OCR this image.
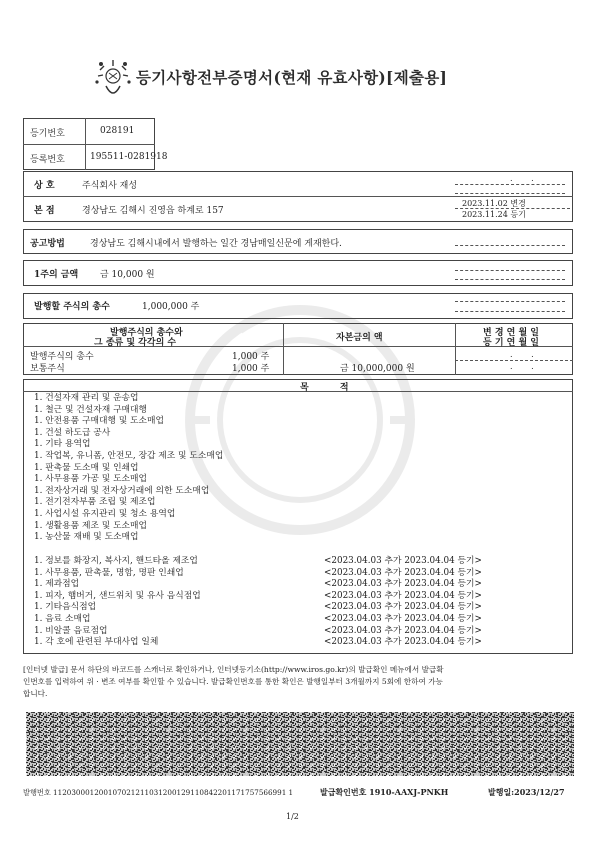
등기사항전부증명서(현재 유효사항)[제출용]
등기번호	028191
등록번호	195511-0281918
상 호	주식회사 재성
. .
본 점	경상남도 김해시 진영읍 하계로 157
2023.11.02 변경
2023.11.24 등기
공고방법	경상남도 김해시내에서 발행하는 일간 경남매일신문에 게재한다.
1주의 금액 금 10,000 원
발행할 주식의 총수	1,000,000 주
발행주식의 총수와
그 종류 및 각각의 수	자본금의 액	변 경 연 월 일
등 기 연 월 일
발행주식의 총수	1,000 주
보통주식	1,000 주	금 10,000,000 원
. .
. .
목 적
1. 건설자재 관리 및 운송업
1. 철근 및 건설자재 구매대행
1. 안전용품 구매대행 및 도소매업
1. 건설 하도급 공사
1. 기타 용역업
1. 작업복, 유니폼, 안전모, 장갑 제조 및 도소매업
1. 판촉물 도소매 및 인쇄업
1. 사무용품 가공 및 도소매업
1. 전자상거래 및 전자상거래에 의한 도소매업
1. 전기전자부품 조립 및 제조업
1. 사업시설 유지관리 및 청소 용역업
1. 생활용품 제조 및 도소매업
1. 농산물 재배 및 도소매업
1. 정보를 화장지, 복사지, 핸드타올 제조업	<2023.04.03 추가 2023.04.04 등기>
1. 사무용품, 판촉물, 명함, 명판 인쇄업	<2023.04.03 추가 2023.04.04 등기>
1. 제과점업	<2023.04.03 추가 2023.04.04 등기>
1. 피자, 햄버거, 샌드위치 및 유사 음식점업	<2023.04.03 추가 2023.04.04 등기>
1. 기타음식점업	<2023.04.03 추가 2023.04.04 등기>
1. 음료 소매업	<2023.04.03 추가 2023.04.04 등기>
1. 비알콜 음료점업	<2023.04.03 추가 2023.04.04 등기>
1. 각 호에 관련된 부대사업 일체	<2023.04.03 추가 2023.04.04 등기>
[인터넷 발급] 문서 하단의 바코드를 스캐너로 확인하거나, 인터넷등기소(http://www.iros.go.kr)의 발급확인 메뉴에서 발급확
인번호를 입력하여 위 · 변조 여부를 확인할 수 있습니다. 발급확인번호를 통한 확인은 발행일부터 3개월까지 5회에 한하여 가능
합니다.
발행번호 112030001200107021211031200129110842201171757566991 1	발급확인번호 1910-AAXJ-PNKH	발행일:2023/12/27
1/2
